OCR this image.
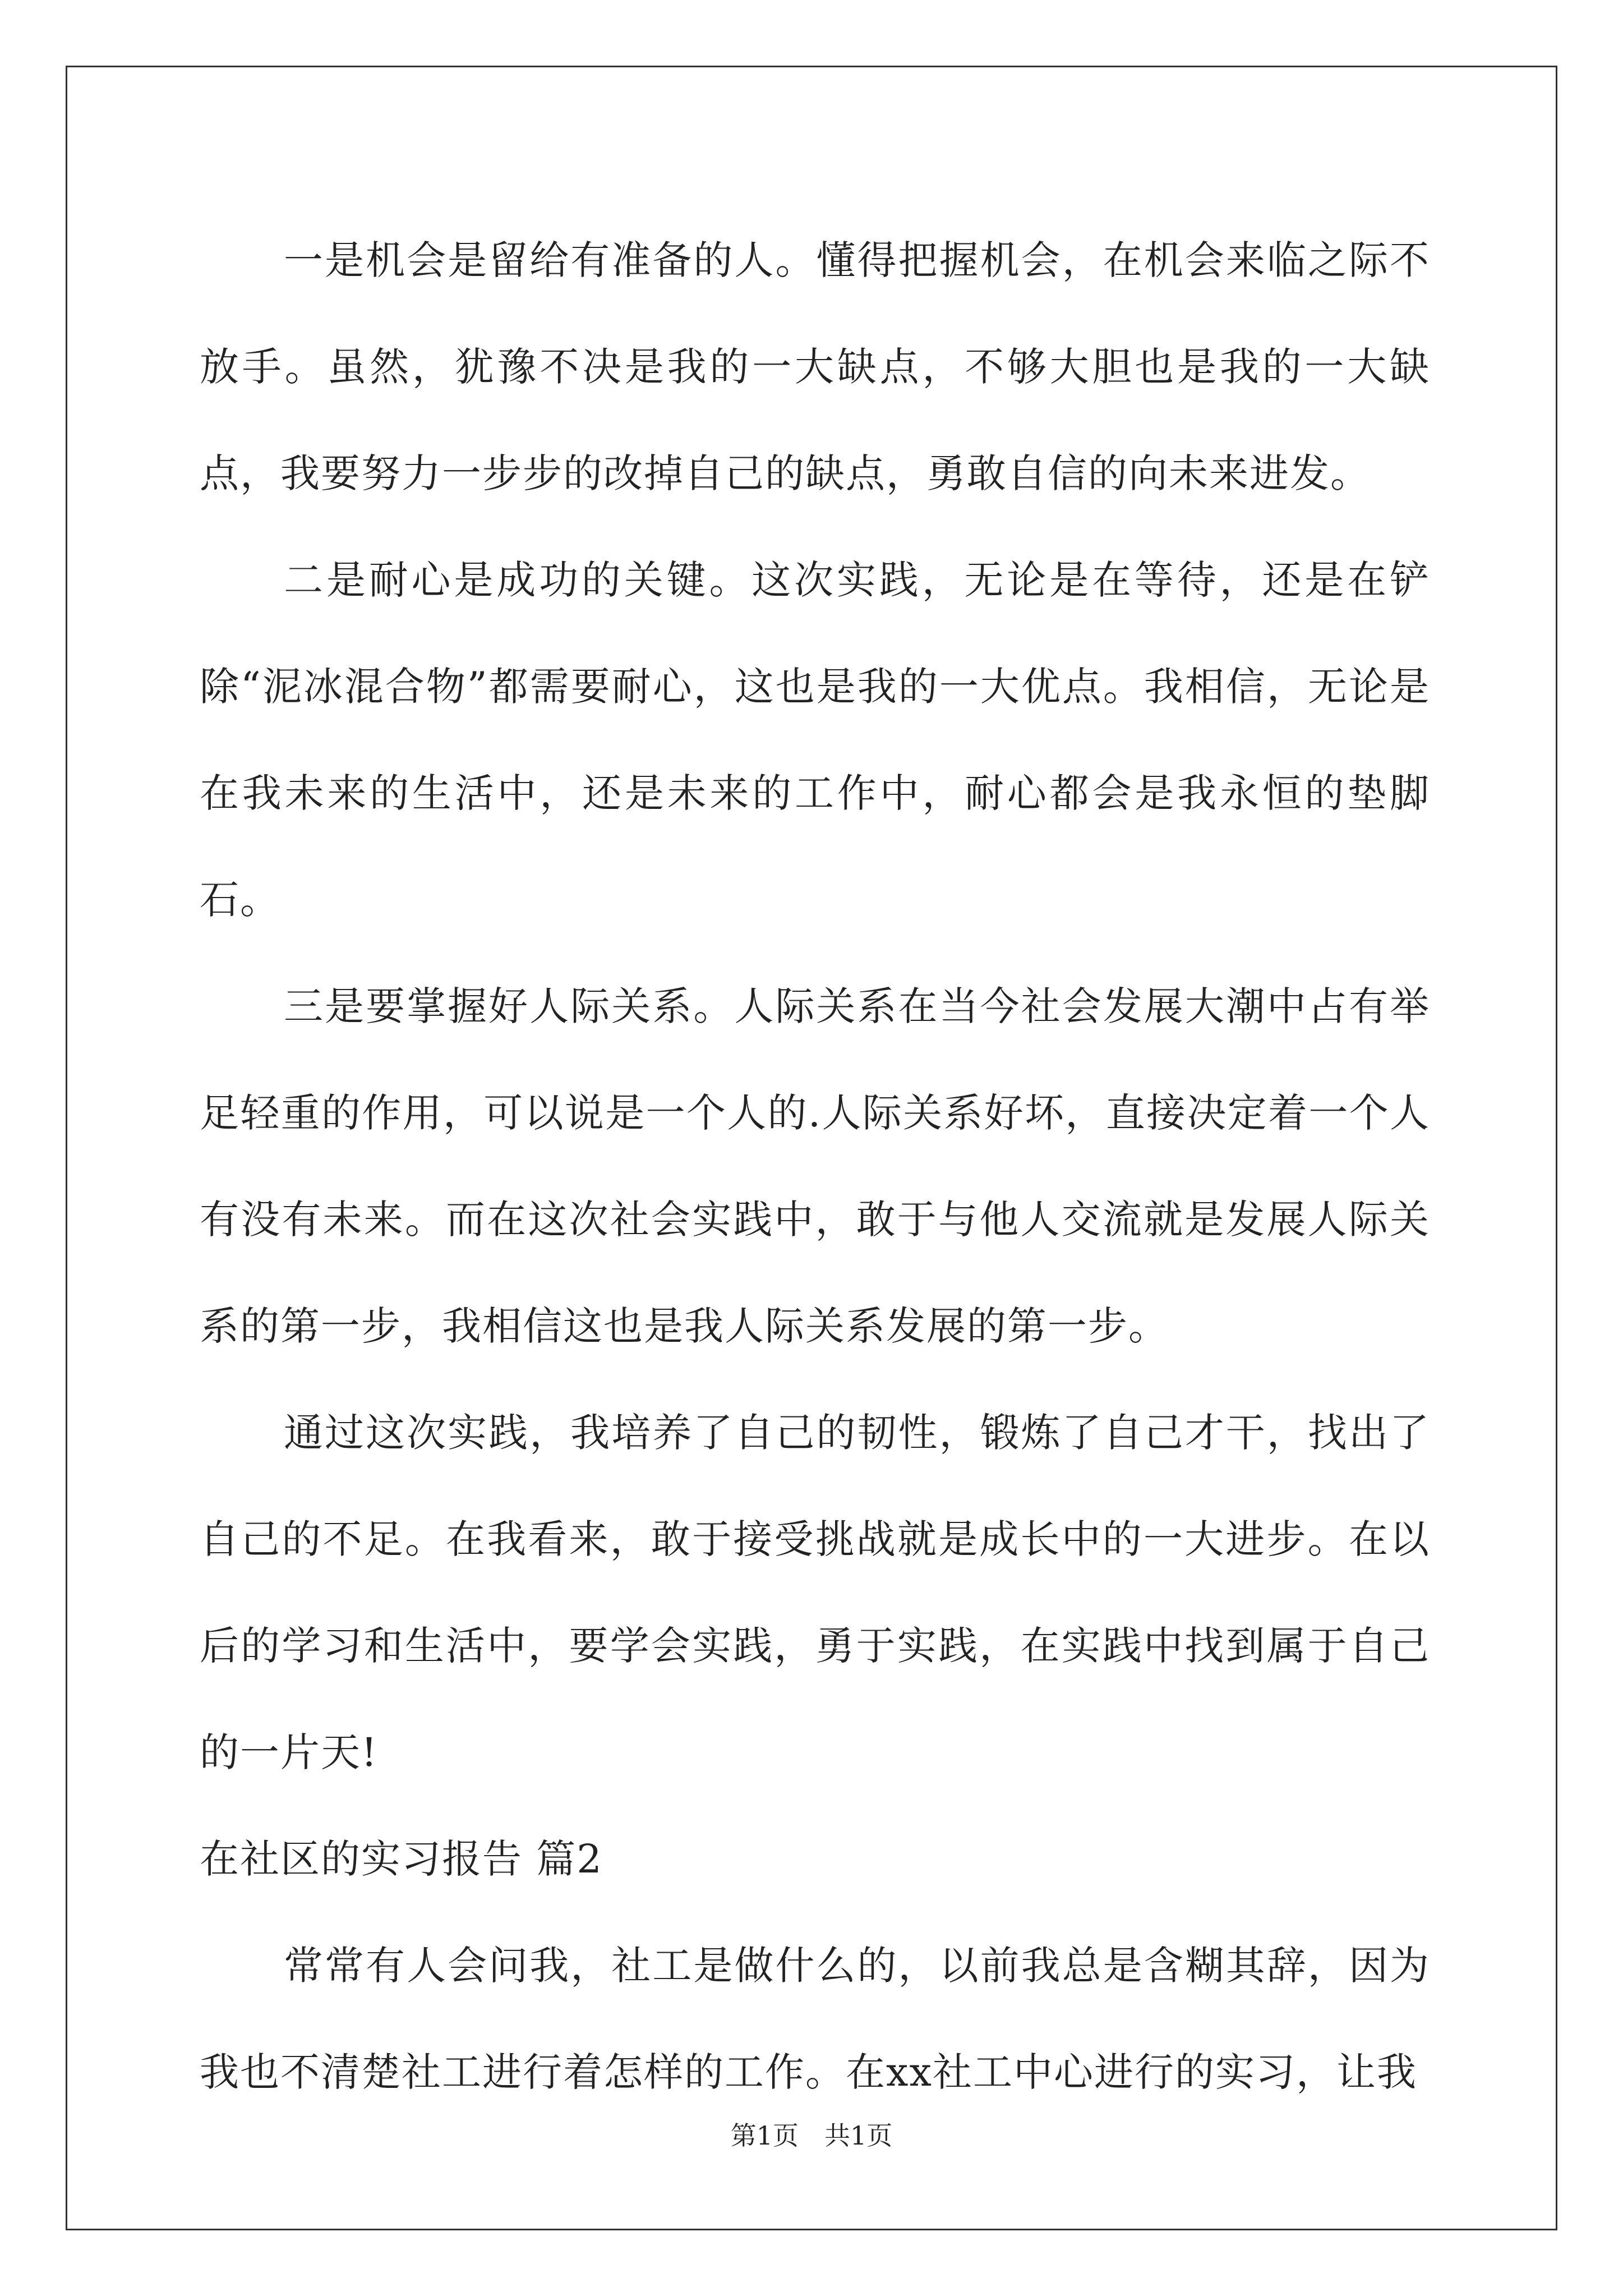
一是机会是留给有准备的人。懂得把握机会，在机会来临之际不放手。虽然，犹豫不决是我的一大缺点，不够大胆也是我的一大缺点，我要努力一步步的改掉自己的缺点，勇敢自信的向未来进发。

二是耐心是成功的关键。这次实践，无论是在等待，还是在铲除“泥冰混合物”都需要耐心，这也是我的一大优点。我相信，无论是在我未来的生活中，还是未来的工作中，耐心都会是我永恒的垫脚石。

三是要掌握好人际关系。人际关系在当今社会发展大潮中占有举足轻重的作用，可以说是一个人的.人际关系好坏，直接决定着一个人有没有未来。而在这次社会实践中，敢于与他人交流就是发展人际关系的第一步，我相信这也是我人际关系发展的第一步。

通过这次实践，我培养了自己的韧性，锻炼了自己才干，找出了自己的不足。在我看来，敢于接受挑战就是成长中的一大进步。在以后的学习和生活中，要学会实践，勇于实践，在实践中找到属于自己的一片天!

在社区的实习报告 篇2

常常有人会问我，社工是做什么的，以前我总是含糊其辞，因为我也不清楚社工进行着怎样的工作。在xx社工中心进行的实习，让我

第1页　共1页
